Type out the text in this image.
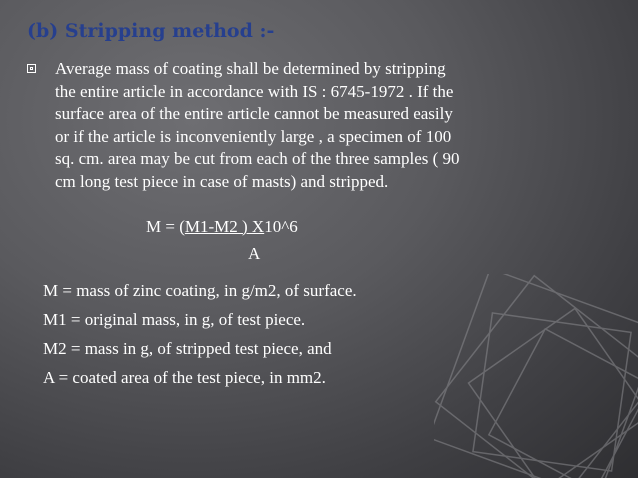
(b) Stripping method :-

Average mass of coating shall be determined by stripping
the entire article in accordance with IS : 6745-1972 . If the
surface area of the entire article cannot be measured easily
or if the article is inconveniently large , a specimen of 100
sq. cm. area may be cut from each of the three samples ( 90
cm long test piece in case of masts) and stripped.

M = (M1-M2 ) X10^6
A
M = mass of zinc coating, in g/m2, of surface.
M1 = original mass, in g, of test piece.
M2 = mass in g, of stripped test piece, and
A = coated area of the test piece, in mm2.
